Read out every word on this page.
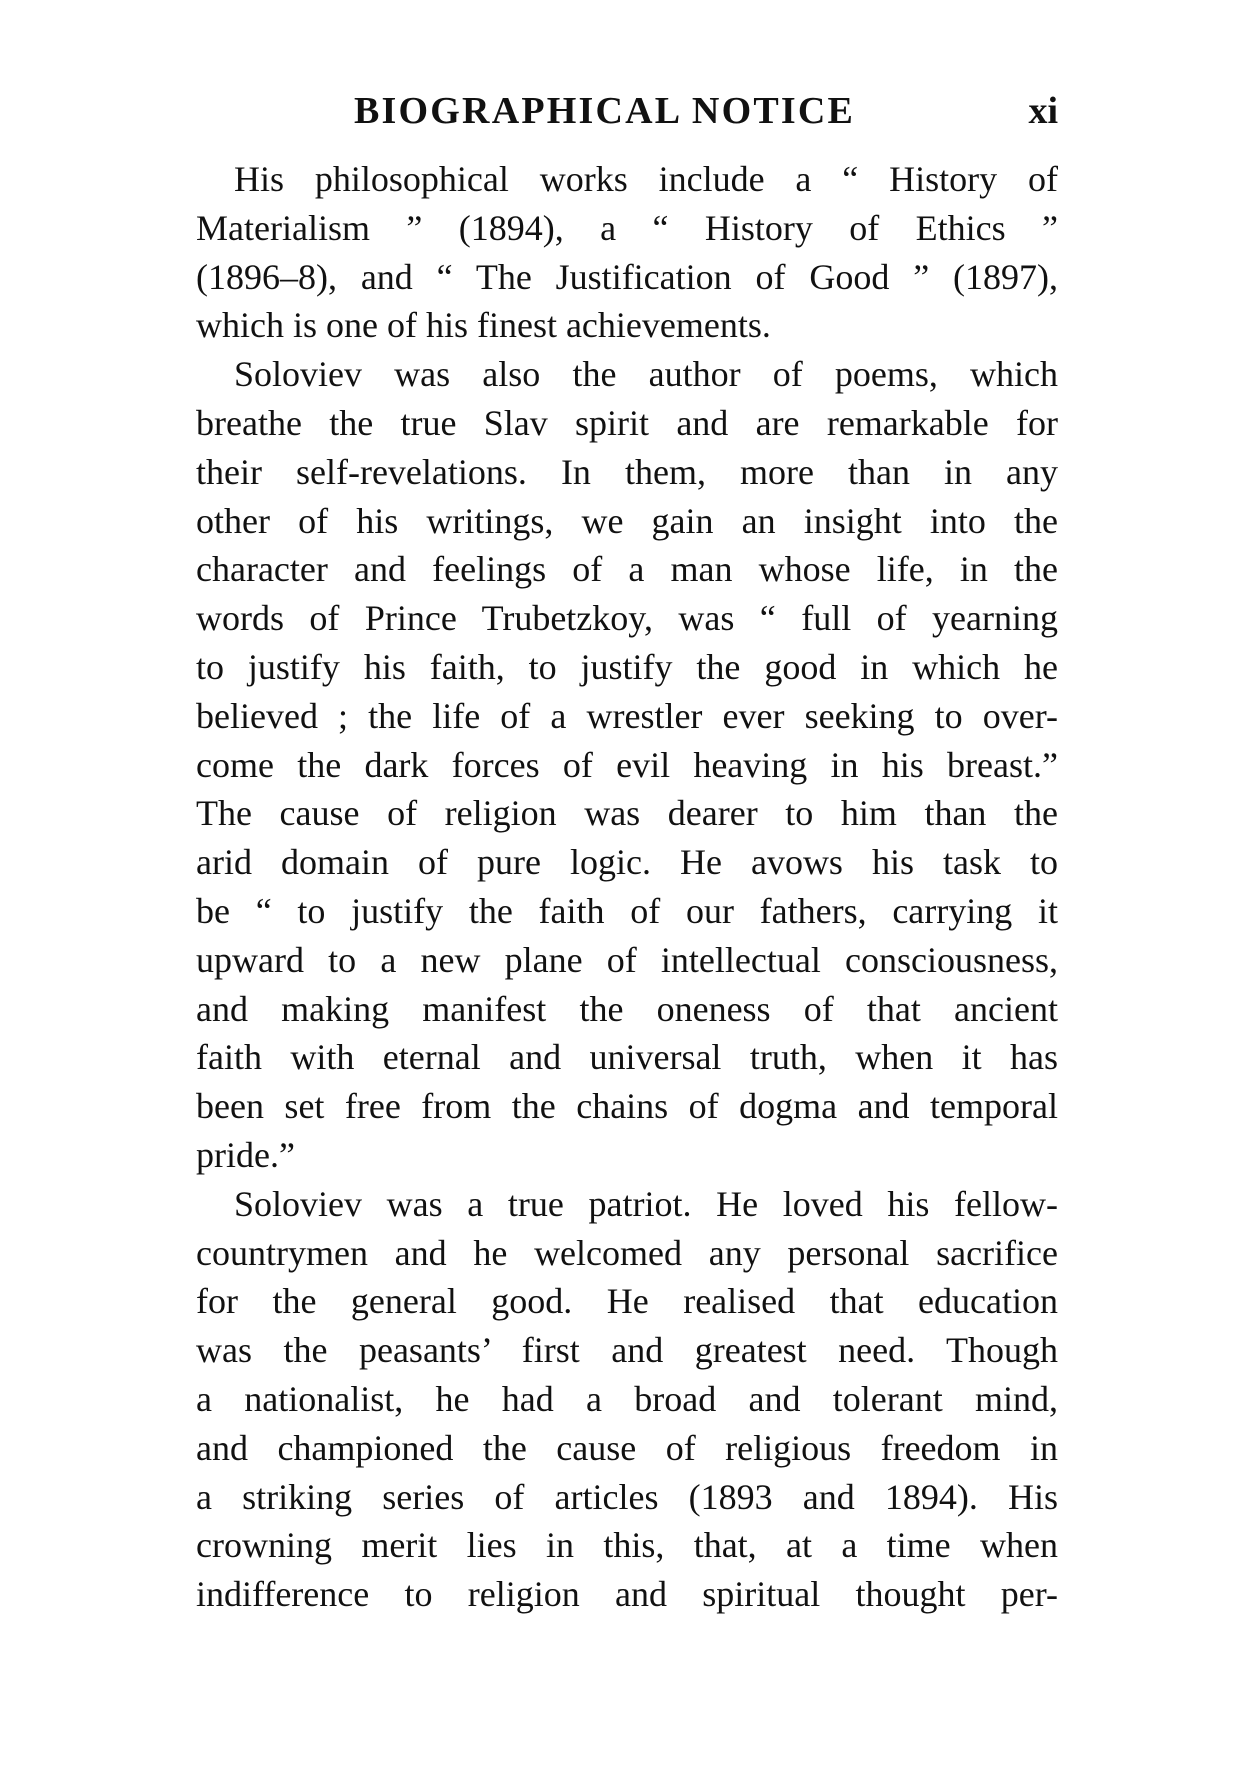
BIOGRAPHICAL NOTICE	xi
His philosophical works include a “ History of
Materialism ” (1894), a “ History of Ethics ”
(1896–8), and “ The Justification of Good ” (1897),
which is one of his finest achievements.
Soloviev was also the author of poems, which
breathe the true Slav spirit and are remarkable for
their self-revelations. In them, more than in any
other of his writings, we gain an insight into the
character and feelings of a man whose life, in the
words of Prince Trubetzkoy, was “ full of yearning
to justify his faith, to justify the good in which he
believed ; the life of a wrestler ever seeking to over-
come the dark forces of evil heaving in his breast.”
The cause of religion was dearer to him than the
arid domain of pure logic. He avows his task to
be “ to justify the faith of our fathers, carrying it
upward to a new plane of intellectual consciousness,
and making manifest the oneness of that ancient
faith with eternal and universal truth, when it has
been set free from the chains of dogma and temporal
pride.”
Soloviev was a true patriot. He loved his fellow-
countrymen and he welcomed any personal sacrifice
for the general good. He realised that education
was the peasants’ first and greatest need. Though
a nationalist, he had a broad and tolerant mind,
and championed the cause of religious freedom in
a striking series of articles (1893 and 1894). His
crowning merit lies in this, that, at a time when
indifference to religion and spiritual thought per-
